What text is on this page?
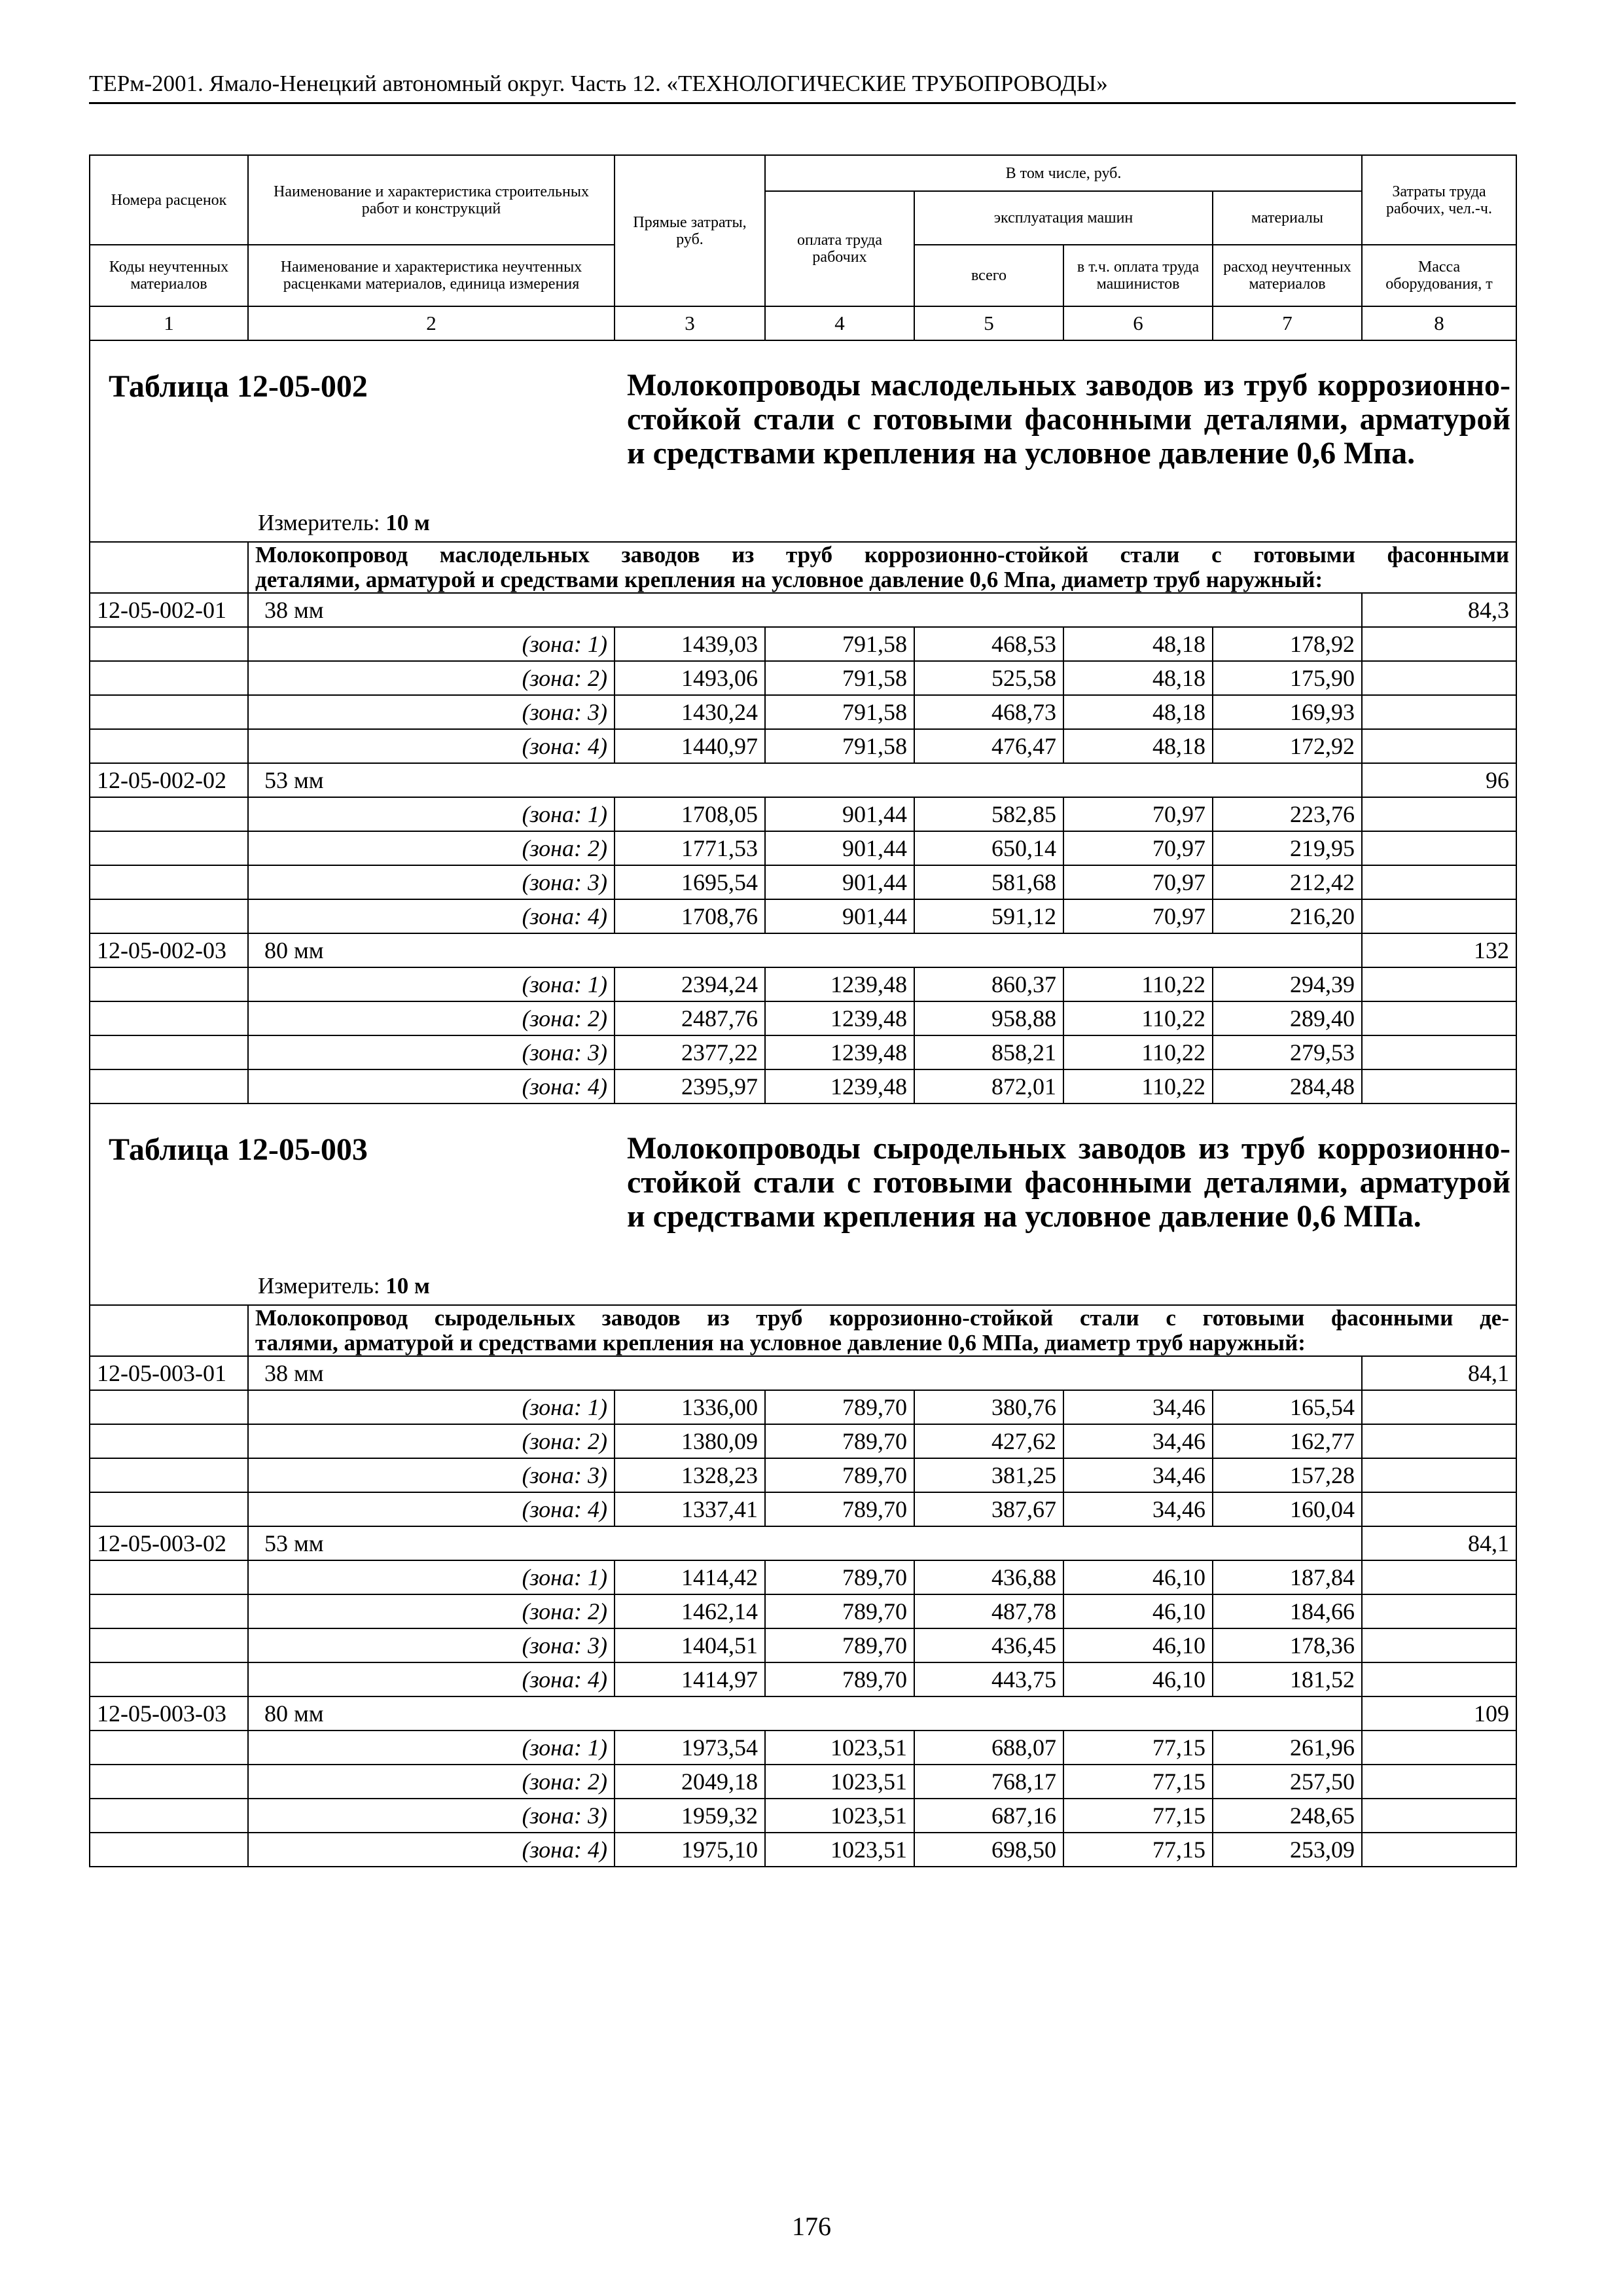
ТЕРм-2001. Ямало-Ненецкий автономный округ. Часть 12. «ТЕХНОЛОГИЧЕСКИЕ ТРУБОПРОВОДЫ»
Номера расценок	Наименование и характеристика строительных работ и конструкций	Прямые затраты, руб.	В том числе, руб.				Затраты труда рабочих, чел.-ч.

			оплата труда рабочих	эксплуатация машин		материалы	

Коды неучтенных материалов	Наименование и характеристика неучтенных расценками материалов, единица измерения			всего	в т.ч. оплата труда машинистов	расход неучтенных материалов	Масса оборудования, т
1	2	3	4	5	6	7	8

Таблица 12-05-002 Молокопроводы маслодельных заводов из труб коррозионно-стойкой стали с готовыми фасонными деталями, арматурой и средствами крепления на условное давление 0,6 Мпа.
Измеритель: 10 м							

	Молокопровод маслодельных заводов из труб коррозионно-стойкой стали с готовыми фасонными
деталями, арматурой и средствами крепления на условное давление 0,6 Мпа, диаметр труб наружный:						

12-05-002-01	38 мм						84,3
	(зона: 1)	1439,03	791,58	468,53	48,18	178,92	
	(зона: 2)	1493,06	791,58	525,58	48,18	175,90	
	(зона: 3)	1430,24	791,58	468,73	48,18	169,93	
	(зона: 4)	1440,97	791,58	476,47	48,18	172,92	
12-05-002-02	53 мм						96
	(зона: 1)	1708,05	901,44	582,85	70,97	223,76	
	(зона: 2)	1771,53	901,44	650,14	70,97	219,95	
	(зона: 3)	1695,54	901,44	581,68	70,97	212,42	
	(зона: 4)	1708,76	901,44	591,12	70,97	216,20	
12-05-002-03	80 мм						132
	(зона: 1)	2394,24	1239,48	860,37	110,22	294,39	
	(зона: 2)	2487,76	1239,48	958,88	110,22	289,40	
	(зона: 3)	2377,22	1239,48	858,21	110,22	279,53	
	(зона: 4)	2395,97	1239,48	872,01	110,22	284,48	

Таблица 12-05-003 Молокопроводы сыродельных заводов из труб коррозионно-стойкой стали с готовыми фасонными деталями, арматурой и средствами крепления на условное давление 0,6 МПа.
Измеритель: 10 м							

	Молокопровод сыродельных заводов из труб коррозионно-стойкой стали с готовыми фасонными де-
талями, арматурой и средствами крепления на условное давление 0,6 МПа, диаметр труб наружный:						

12-05-003-01	38 мм						84,1
	(зона: 1)	1336,00	789,70	380,76	34,46	165,54	
	(зона: 2)	1380,09	789,70	427,62	34,46	162,77	
	(зона: 3)	1328,23	789,70	381,25	34,46	157,28	
	(зона: 4)	1337,41	789,70	387,67	34,46	160,04	
12-05-003-02	53 мм						84,1
	(зона: 1)	1414,42	789,70	436,88	46,10	187,84	
	(зона: 2)	1462,14	789,70	487,78	46,10	184,66	
	(зона: 3)	1404,51	789,70	436,45	46,10	178,36	
	(зона: 4)	1414,97	789,70	443,75	46,10	181,52	
12-05-003-03	80 мм						109
	(зона: 1)	1973,54	1023,51	688,07	77,15	261,96	
	(зона: 2)	2049,18	1023,51	768,17	77,15	257,50	
	(зона: 3)	1959,32	1023,51	687,16	77,15	248,65	
	(зона: 4)	1975,10	1023,51	698,50	77,15	253,09	
176
